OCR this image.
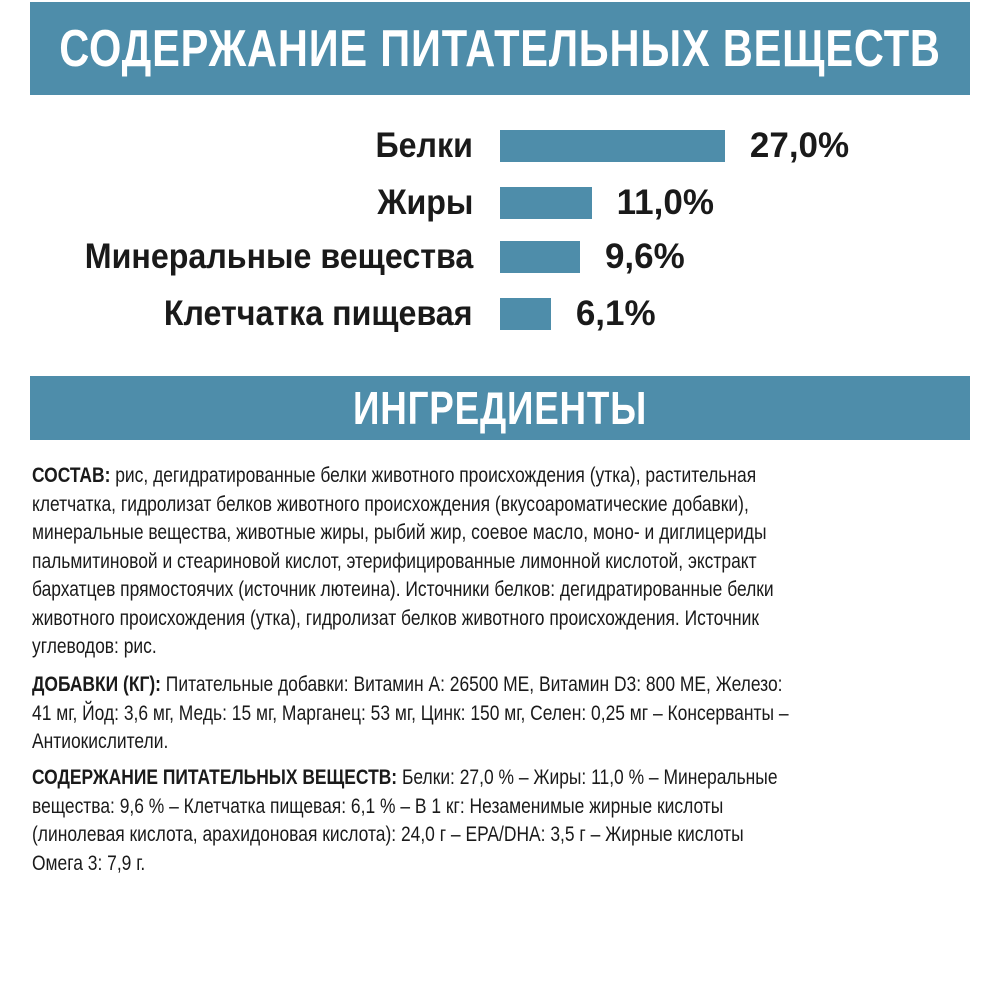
СОДЕРЖАНИЕ ПИТАТЕЛЬНЫХ ВЕЩЕСТВ
Белки	27,0%
Жиры	11,0%
Минеральные вещества	9,6%
Клетчатка пищевая	6,1%
ИНГРЕДИЕНТЫ
СОСТАВ: рис, дегидратированные белки животного происхождения (утка), растительная
клетчатка, гидролизат белков животного происхождения (вкусоароматические добавки),
минеральные вещества, животные жиры, рыбий жир, соевое масло, моно- и диглицериды
пальмитиновой и стеариновой кислот, этерифицированные лимонной кислотой, экстракт
бархатцев прямостоячих (источник лютеина). Источники белков: дегидратированные белки
животного происхождения (утка), гидролизат белков животного происхождения. Источник
углеводов: рис.
ДОБАВКИ (КГ): Питательные добавки: Витамин А: 26500 МЕ, Витамин D3: 800 МЕ, Железо:
41 мг, Йод: 3,6 мг, Медь: 15 мг, Марганец: 53 мг, Цинк: 150 мг, Селен: 0,25 мг – Консерванты –
Антиокислители.
СОДЕРЖАНИЕ ПИТАТЕЛЬНЫХ ВЕЩЕСТВ: Белки: 27,0 % – Жиры: 11,0 % – Минеральные
вещества: 9,6 % – Клетчатка пищевая: 6,1 % – В 1 кг: Незаменимые жирные кислоты
(линолевая кислота, арахидоновая кислота): 24,0 г – EPA/DHA: 3,5 г – Жирные кислоты
Омега 3: 7,9 г.
